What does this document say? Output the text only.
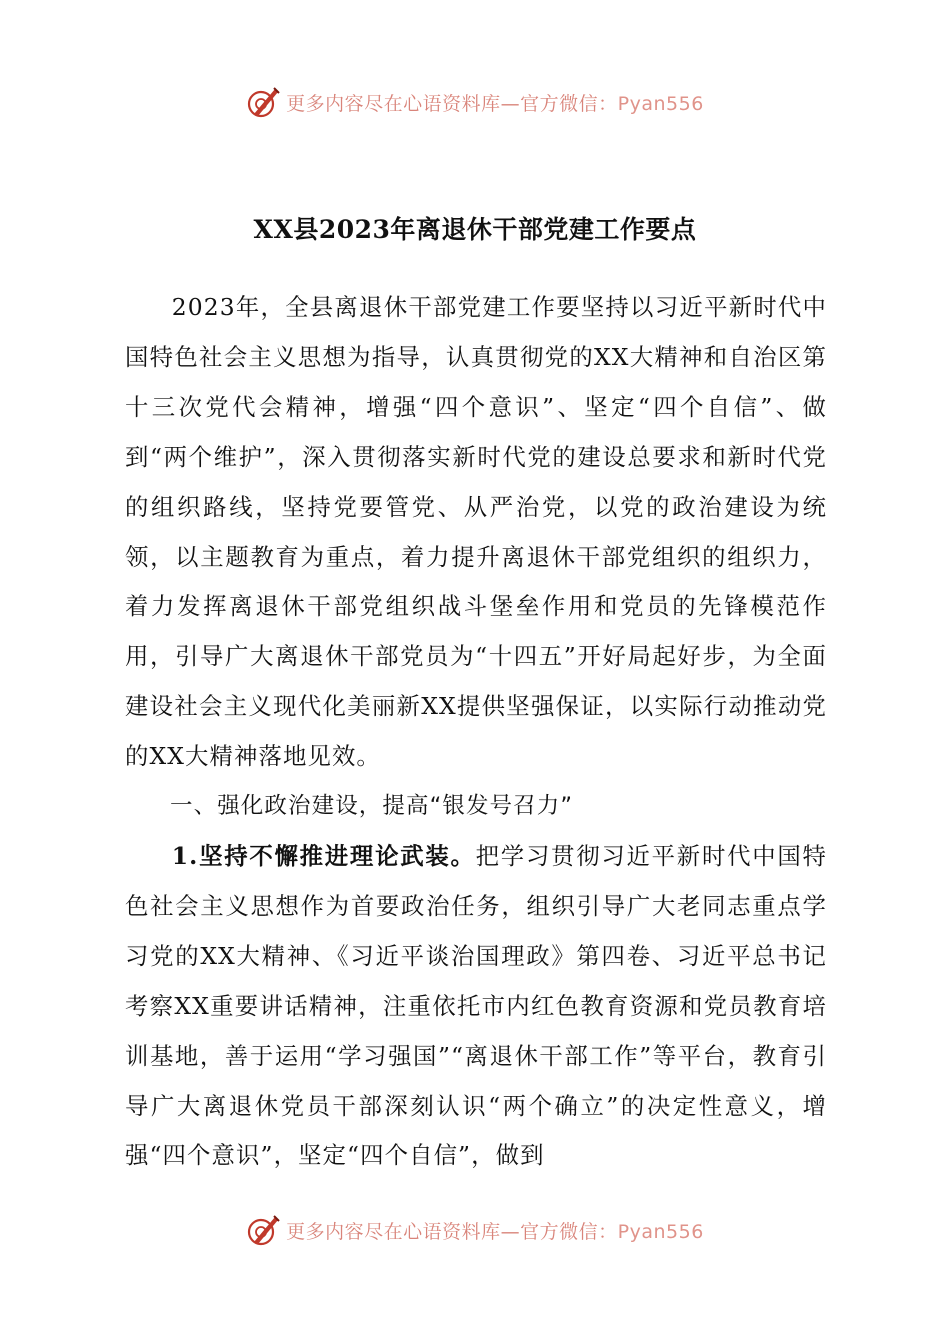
更多内容尽在心语资料库—官方微信：Pyan556
XX县2023年离退休干部党建工作要点

2023年，全县离退休干部党建工作要坚持以习近平新时代中国特色社会主义思想为指导，认真贯彻党的XX大精神和自治区第十三次党代会精神，增强“四个意识”、坚定“四个自信”、做到“两个维护”，深入贯彻落实新时代党的建设总要求和新时代党的组织路线，坚持党要管党、从严治党，以党的政治建设为统领，以主题教育为重点，着力提升离退休干部党组织的组织力，着力发挥离退休干部党组织战斗堡垒作用和党员的先锋模范作用，引导广大离退休干部党员为“十四五”开好局起好步，为全面建设社会主义现代化美丽新XX提供坚强保证，以实际行动推动党的XX大精神落地见效。

一、强化政治建设，提高“银发号召力”

1.坚持不懈推进理论武装。把学习贯彻习近平新时代中国特色社会主义思想作为首要政治任务，组织引导广大老同志重点学习党的XX大精神、《习近平谈治国理政》第四卷、习近平总书记考察XX重要讲话精神，注重依托市内红色教育资源和党员教育培训基地，善于运用“学习强国”“离退休干部工作”等平台，教育引导广大离退休党员干部深刻认识“两个确立”的决定性意义，增强“四个意识”，坚定“四个自信”，做到

更多内容尽在心语资料库—官方微信：Pyan556
